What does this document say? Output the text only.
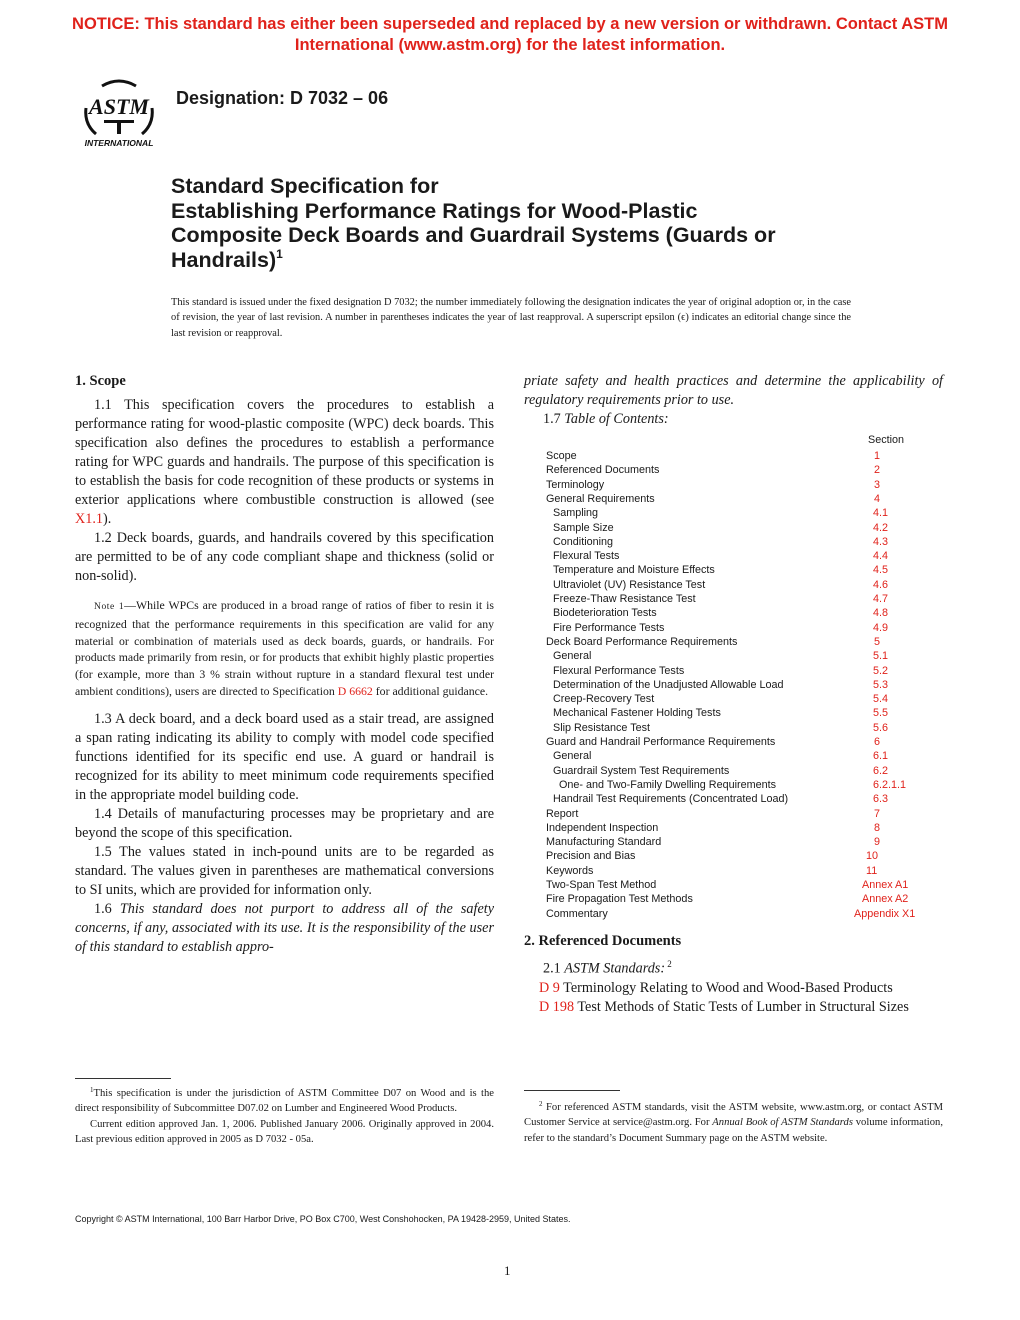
NOTICE: This standard has either been superseded and replaced by a new version or withdrawn. Contact ASTM
International (www.astm.org) for the latest information.
ASTM
INTERNATIONAL
Designation: D 7032 – 06
Standard Specification for
Establishing Performance Ratings for Wood-Plastic
Composite Deck Boards and Guardrail Systems (Guards or
Handrails)$^1$
This standard is issued under the fixed designation D 7032; the number immediately following the designation indicates the year of original adoption or, in the case of revision, the year of last revision. A number in parentheses indicates the year of last reapproval. A superscript epsilon (ϵ) indicates an editorial change since the last revision or reapproval.
1. Scope

1.1 This specification covers the procedures to establish a performance rating for wood-plastic composite (WPC) deck boards. This specification also defines the procedures to establish a performance rating for WPC guards and handrails. The purpose of this specification is to establish the basis for code recognition of these products or systems in exterior applications where combustible construction is allowed (see X1.1).

1.2 Deck boards, guards, and handrails covered by this specification are permitted to be of any code compliant shape and thickness (solid or non-solid).

Note 1—While WPCs are produced in a broad range of ratios of fiber to resin it is recognized that the performance requirements in this specification are valid for any material or combination of materials used as deck boards, guards, or handrails. For products made primarily from resin, or for products that exhibit highly plastic properties (for example, more than 3 % strain without rupture in a standard flexural test under ambient conditions), users are directed to Specification D 6662 for additional guidance.

1.3 A deck board, and a deck board used as a stair tread, are assigned a span rating indicating its ability to comply with model code specified functions identified for its specific end use. A guard or handrail is recognized for its ability to meet minimum code requirements specified in the appropriate model building code.

1.4 Details of manufacturing processes may be proprietary and are beyond the scope of this specification.

1.5 The values stated in inch-pound units are to be regarded as standard. The values given in parentheses are mathematical conversions to SI units, which are provided for information only.

1.6 This standard does not purport to address all of the safety concerns, if any, associated with its use. It is the responsibility of the user of this standard to establish appro-

priate safety and health practices and determine the applicability of regulatory requirements prior to use.

1.7 Table of Contents:

Section
Scope	1
Referenced Documents	2
Terminology	3
General Requirements	4
Sampling	4.1
Sample Size	4.2
Conditioning	4.3
Flexural Tests	4.4
Temperature and Moisture Effects	4.5
Ultraviolet (UV) Resistance Test	4.6
Freeze-Thaw Resistance Test	4.7
Biodeterioration Tests	4.8
Fire Performance Tests	4.9
Deck Board Performance Requirements	5
General	5.1
Flexural Performance Tests	5.2
Determination of the Unadjusted Allowable Load	5.3
Creep-Recovery Test	5.4
Mechanical Fastener Holding Tests	5.5
Slip Resistance Test	5.6
Guard and Handrail Performance Requirements	6
General	6.1
Guardrail System Test Requirements	6.2
One- and Two-Family Dwelling Requirements	6.2.1.1
Handrail Test Requirements (Concentrated Load)	6.3
Report	7
Independent Inspection	8
Manufacturing Standard	9
Precision and Bias	10
Keywords	11
Two-Span Test Method	Annex A1
Fire Propagation Test Methods	Annex A2
Commentary	Appendix X1
2. Referenced Documents

2.1 ASTM Standards: $^2$

D 9 Terminology Relating to Wood and Wood-Based Products

D 198 Test Methods of Static Tests of Lumber in Structural Sizes

$^1$This specification is under the jurisdiction of ASTM Committee D07 on Wood and is the direct responsibility of Subcommittee D07.02 on Lumber and Engineered Wood Products.
Current edition approved Jan. 1, 2006. Published January 2006. Originally approved in 2004. Last previous edition approved in 2005 as D 7032 - 05a.
$^2$ For referenced ASTM standards, visit the ASTM website, www.astm.org, or contact ASTM Customer Service at service@astm.org. For Annual Book of ASTM Standards volume information, refer to the standard’s Document Summary page on the ASTM website.
Copyright © ASTM International, 100 Barr Harbor Drive, PO Box C700, West Conshohocken, PA 19428-2959, United States.
1
